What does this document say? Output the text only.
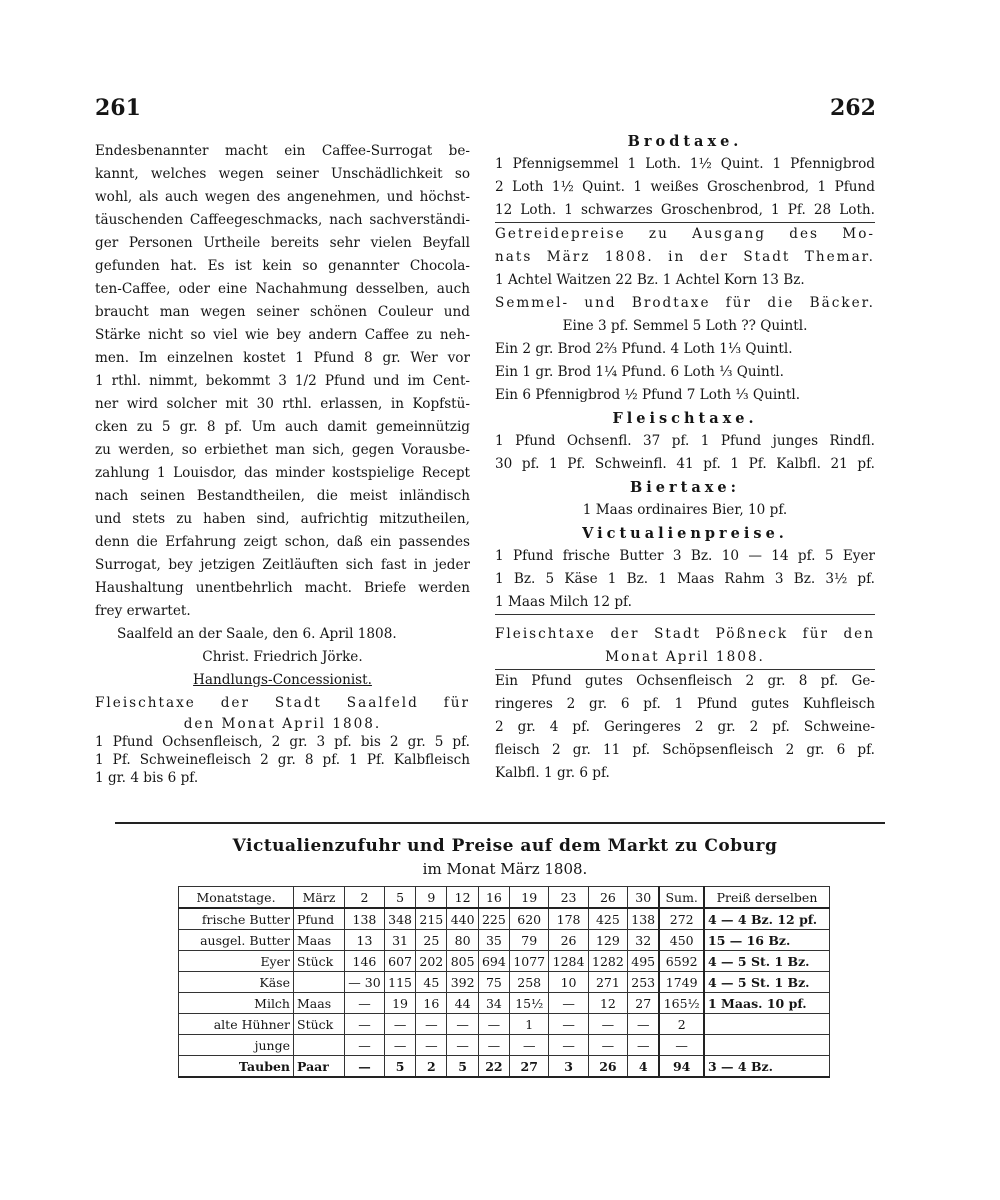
261	262
Endesbenannter macht ein Caffee-Surrogat be-
kannt, welches wegen seiner Unschädlichkeit so
wohl, als auch wegen des angenehmen, und höchst-
täuschenden Caffeegeschmacks, nach sachverständi-
ger Personen Urtheile bereits sehr vielen Beyfall
gefunden hat. Es ist kein so genannter Chocola-
ten-Caffee, oder eine Nachahmung desselben, auch
braucht man wegen seiner schönen Couleur und
Stärke nicht so viel wie bey andern Caffee zu neh-
men. Im einzelnen kostet 1 Pfund 8 gr. Wer vor
1 rthl. nimmt, bekommt 3 1/2 Pfund und im Cent-
ner wird solcher mit 30 rthl. erlassen, in Kopfstü-
cken zu 5 gr. 8 pf. Um auch damit gemeinnützig
zu werden, so erbiethet man sich, gegen Vorausbe-
zahlung 1 Louisdor, das minder kostspielige Recept
nach seinen Bestandtheilen, die meist inländisch
und stets zu haben sind, aufrichtig mitzutheilen,
denn die Erfahrung zeigt schon, daß ein passendes
Surrogat, bey jetzigen Zeitläuften sich fast in jeder
Haushaltung unentbehrlich macht. Briefe werden
frey erwartet.
Saalfeld an der Saale, den 6. April 1808.
Christ. Friedrich Jörke.
Handlungs-Concessionist.
Fleischtaxe der Stadt Saalfeld für
den Monat April 1808.
1 Pfund Ochsenfleisch, 2 gr. 3 pf. bis 2 gr. 5 pf.
1 Pf. Schweinefleisch 2 gr. 8 pf. 1 Pf. Kalbfleisch
1 gr. 4 bis 6 pf.
Brodtaxe.
1 Pfennigsemmel 1 Loth. 1½ Quint. 1 Pfennigbrod
2 Loth 1½ Quint. 1 weißes Groschenbrod, 1 Pfund
12 Loth. 1 schwarzes Groschenbrod, 1 Pf. 28 Loth.
Getreidepreise zu Ausgang des Mo-
nats März 1808. in der Stadt Themar.
1 Achtel Waitzen 22 Bz. 1 Achtel Korn 13 Bz.
Semmel- und Brodtaxe für die Bäcker.
Eine 3 pf. Semmel 5 Loth ?? Quintl.
Ein 2 gr. Brod 2⅔ Pfund. 4 Loth 1⅓ Quintl.
Ein 1 gr. Brod 1¼ Pfund. 6 Loth ⅓ Quintl.
Ein 6 Pfennigbrod ½ Pfund 7 Loth ⅓ Quintl.
Fleischtaxe.
1 Pfund Ochsenfl. 37 pf. 1 Pfund junges Rindfl.
30 pf. 1 Pf. Schweinfl. 41 pf. 1 Pf. Kalbfl. 21 pf.
Biertaxe:
1 Maas ordinaires Bier, 10 pf.
Victualienpreise.
1 Pfund frische Butter 3 Bz. 10 — 14 pf. 5 Eyer
1 Bz. 5 Käse 1 Bz. 1 Maas Rahm 3 Bz. 3½ pf.
1 Maas Milch 12 pf.
Fleischtaxe der Stadt Pößneck für den
Monat April 1808.
Ein Pfund gutes Ochsenfleisch 2 gr. 8 pf. Ge-
ringeres 2 gr. 6 pf. 1 Pfund gutes Kuhfleisch
2 gr. 4 pf. Geringeres 2 gr. 2 pf. Schweine-
fleisch 2 gr. 11 pf. Schöpsenfleisch 2 gr. 6 pf.
Kalbfl. 1 gr. 6 pf.
Victualienzufuhr und Preise auf dem Markt zu Coburg
im Monat März 1808.
Monatstage.	März	2	5	9	12	16	19	23	26	30	Sum.	Preiß derselben
frische Butter	Pfund	138	348	215	440	225	620	178	425	138	272	4 — 4 Bz. 12 pf.
ausgel. Butter	Maas	13	31	25	80	35	79	26	129	32	450	15 — 16 Bz.
Eyer	Stück	146	607	202	805	694	1077	1284	1282	495	6592	4 — 5 St. 1 Bz.
Käse		— 30	115	45	392	75	258	10	271	253	1749	4 — 5 St. 1 Bz.
Milch	Maas	—	19	16	44	34	15½	—	12	27	165½	1 Maas. 10 pf.
alte Hühner	Stück	—	—	—	—	—	1	—	—	—	2	
junge		—	—	—	—	—	—	—	—	—	—	
Tauben	Paar	—	5	2	5	22	27	3	26	4	94	3 — 4 Bz.
